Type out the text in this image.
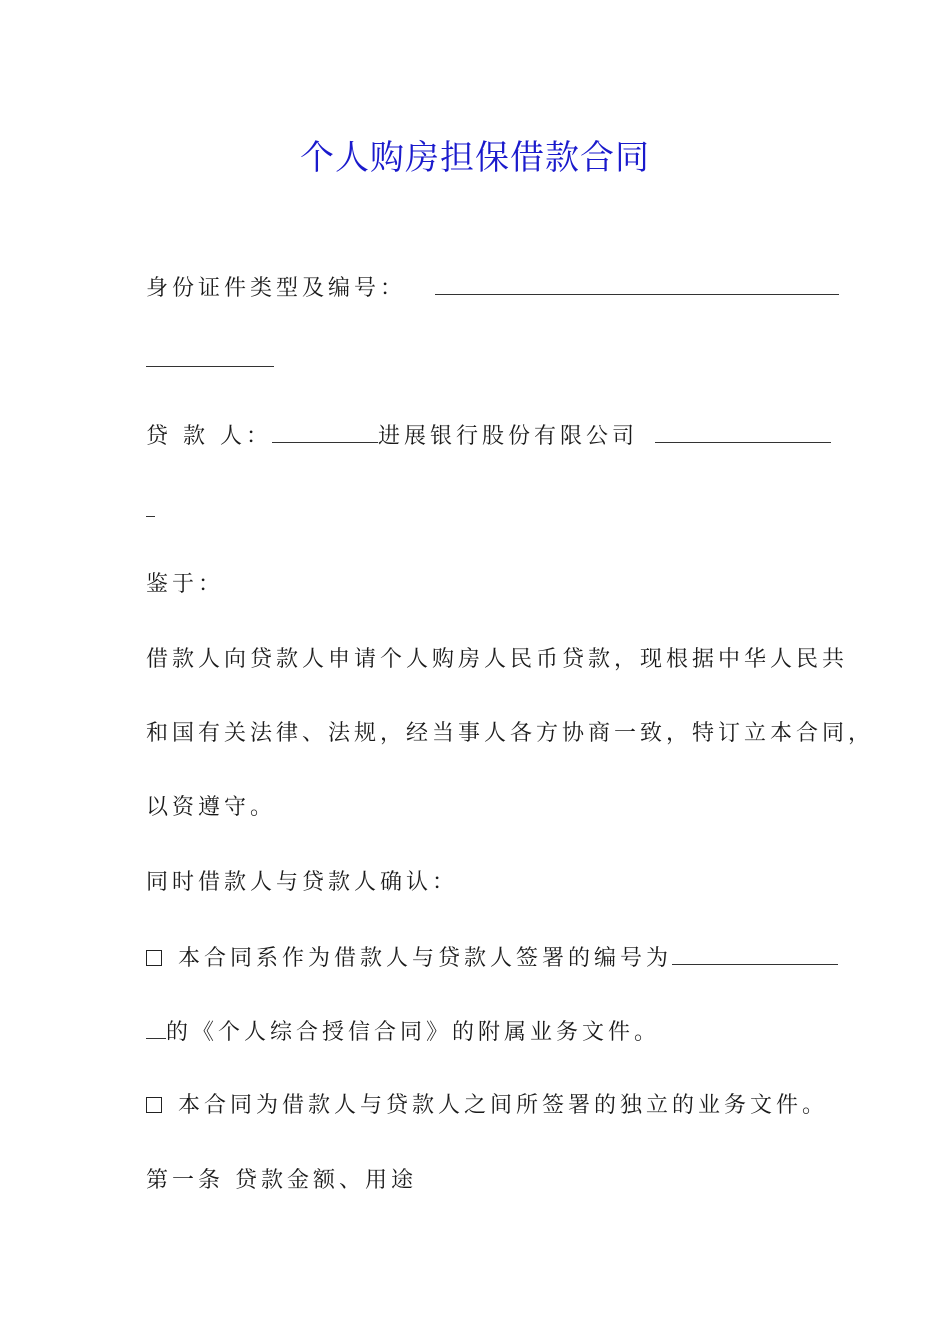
个人购房担保借款合同
身份证件类型及编号：
贷 款 人：	进展银行股份有限公司
鉴于：
借款人向贷款人申请个人购房人民币贷款，现根据中华人民共
和国有关法律、法规，经当事人各方协商一致，特订立本合同，
以资遵守。
同时借款人与贷款人确认：
本合同系作为借款人与贷款人签署的编号为
的《个人综合授信合同》的附属业务文件。
本合同为借款人与贷款人之间所签署的独立的业务文件。
第一条 贷款金额、用途
